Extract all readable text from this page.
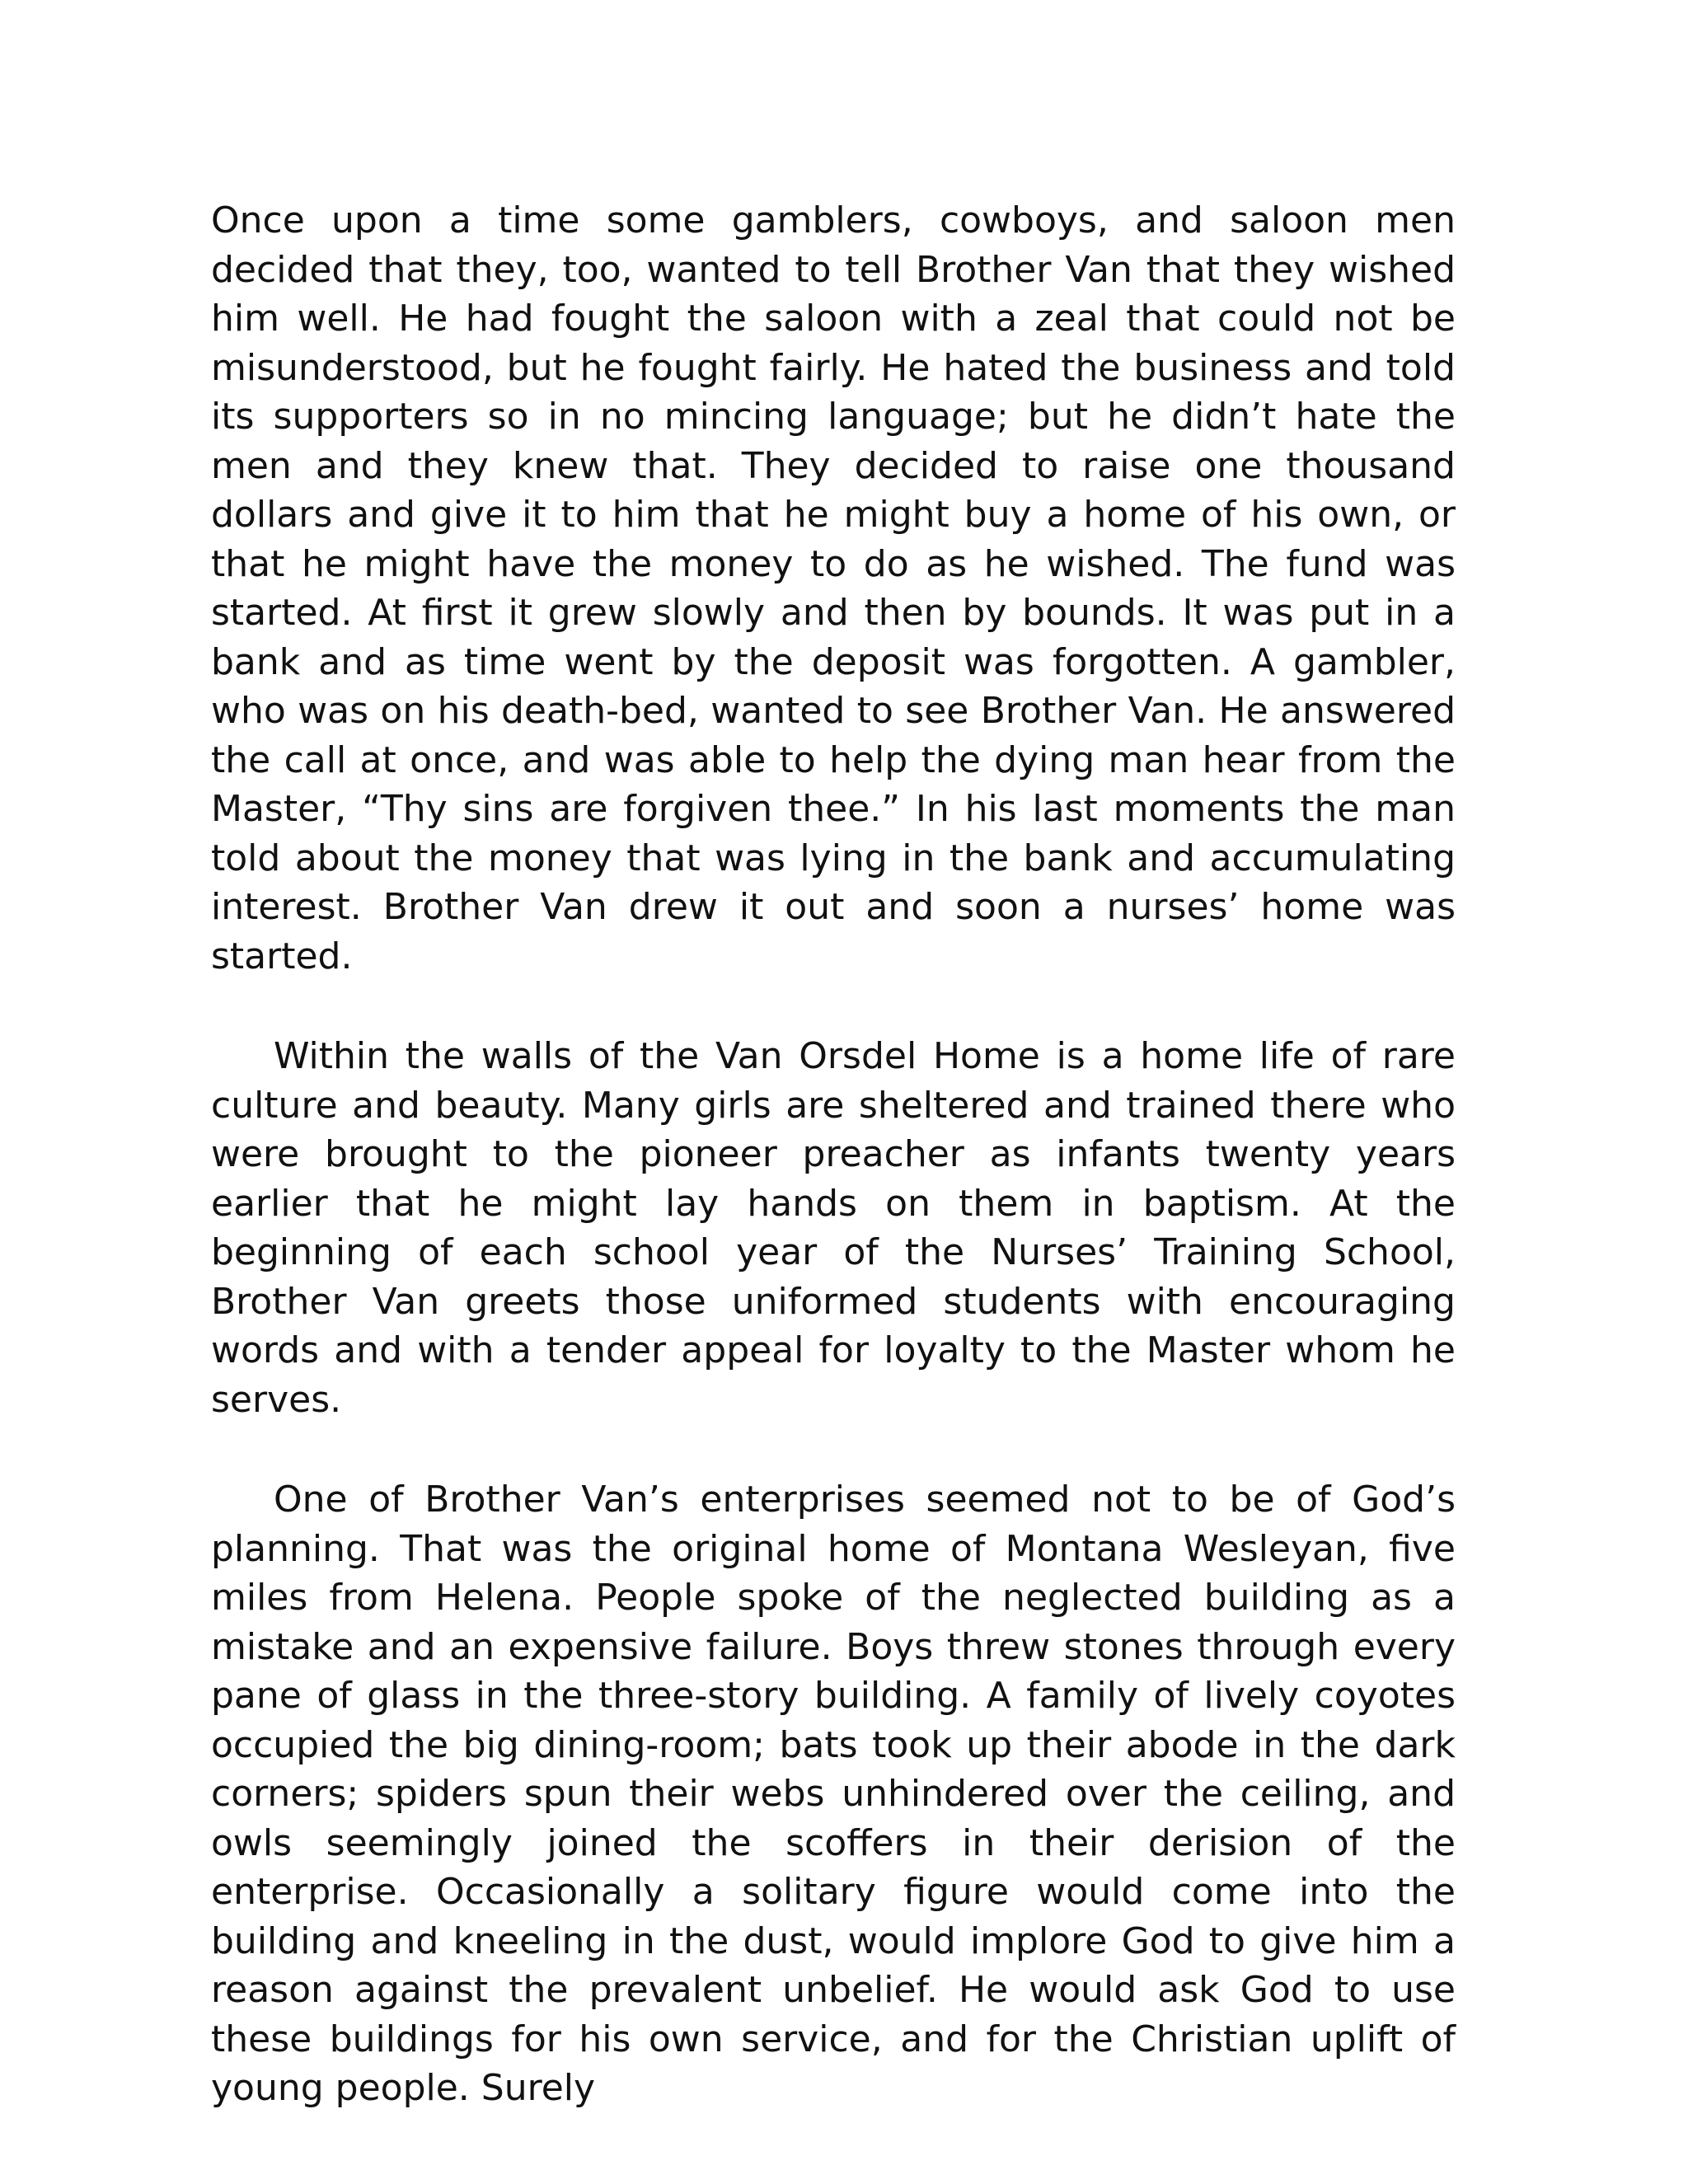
Once upon a time some gamblers, cowboys, and saloon men decided that they, too, wanted to tell Brother Van that they wished him well. He had fought the saloon with a zeal that could not be misunderstood, but he fought fairly. He hated the business and told its supporters so in no mincing language; but he didn’t hate the men and they knew that. They decided to raise one thousand dollars and give it to him that he might buy a home of his own, or that he might have the money to do as he wished. The fund was started. At first it grew slowly and then by bounds. It was put in a bank and as time went by the deposit was forgotten. A gambler, who was on his death-bed, wanted to see Brother Van. He answered the call at once, and was able to help the dying man hear from the Master, “Thy sins are forgiven thee.” In his last moments the man told about the money that was lying in the bank and accumulating interest. Brother Van drew it out and soon a nurses’ home was started.

Within the walls of the Van Orsdel Home is a home life of rare culture and beauty. Many girls are sheltered and trained there who were brought to the pioneer preacher as infants twenty years earlier that he might lay hands on them in baptism. At the beginning of each school year of the Nurses’ Training School, Brother Van greets those uniformed students with encouraging words and with a tender appeal for loyalty to the Master whom he serves.

One of Brother Van’s enterprises seemed not to be of God’s planning. That was the original home of Montana Wesleyan, five miles from Helena. People spoke of the neglected building as a mistake and an expensive failure. Boys threw stones through every pane of glass in the three-story building. A family of lively coyotes occupied the big dining-room; bats took up their abode in the dark corners; spiders spun their webs unhindered over the ceiling, and owls seemingly joined the scoffers in their derision of the enterprise. Occasionally a solitary figure would come into the building and kneeling in the dust, would implore God to give him a reason against the prevalent unbelief. He would ask God to use these buildings for his own service, and for the Christian uplift of young people. Surely
